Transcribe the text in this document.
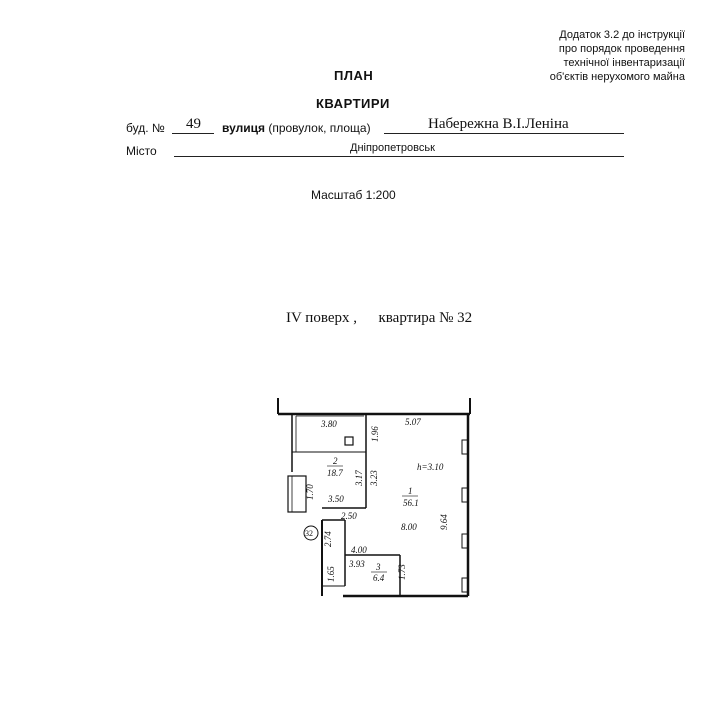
Додаток 3.2 до інструкції
про порядок проведення
технічної інвентаризації
об'єктів нерухомого майна
ПЛАН
КВАРТИРИ
буд. № 49 вулиця (провулок, площа)	Набережна В.І.Леніна
Місто	Дніпропетровськ
Масштаб 1:200
IV поверх , квартира № 32
3.80	5.07
1.96
3.17 3.23
1.70 3.50
2.50
2.74
9.64
8.00
4.00
3.93
1.65	1.73
2
18.7
1
56.1
3
6.4
h=3.10
32
